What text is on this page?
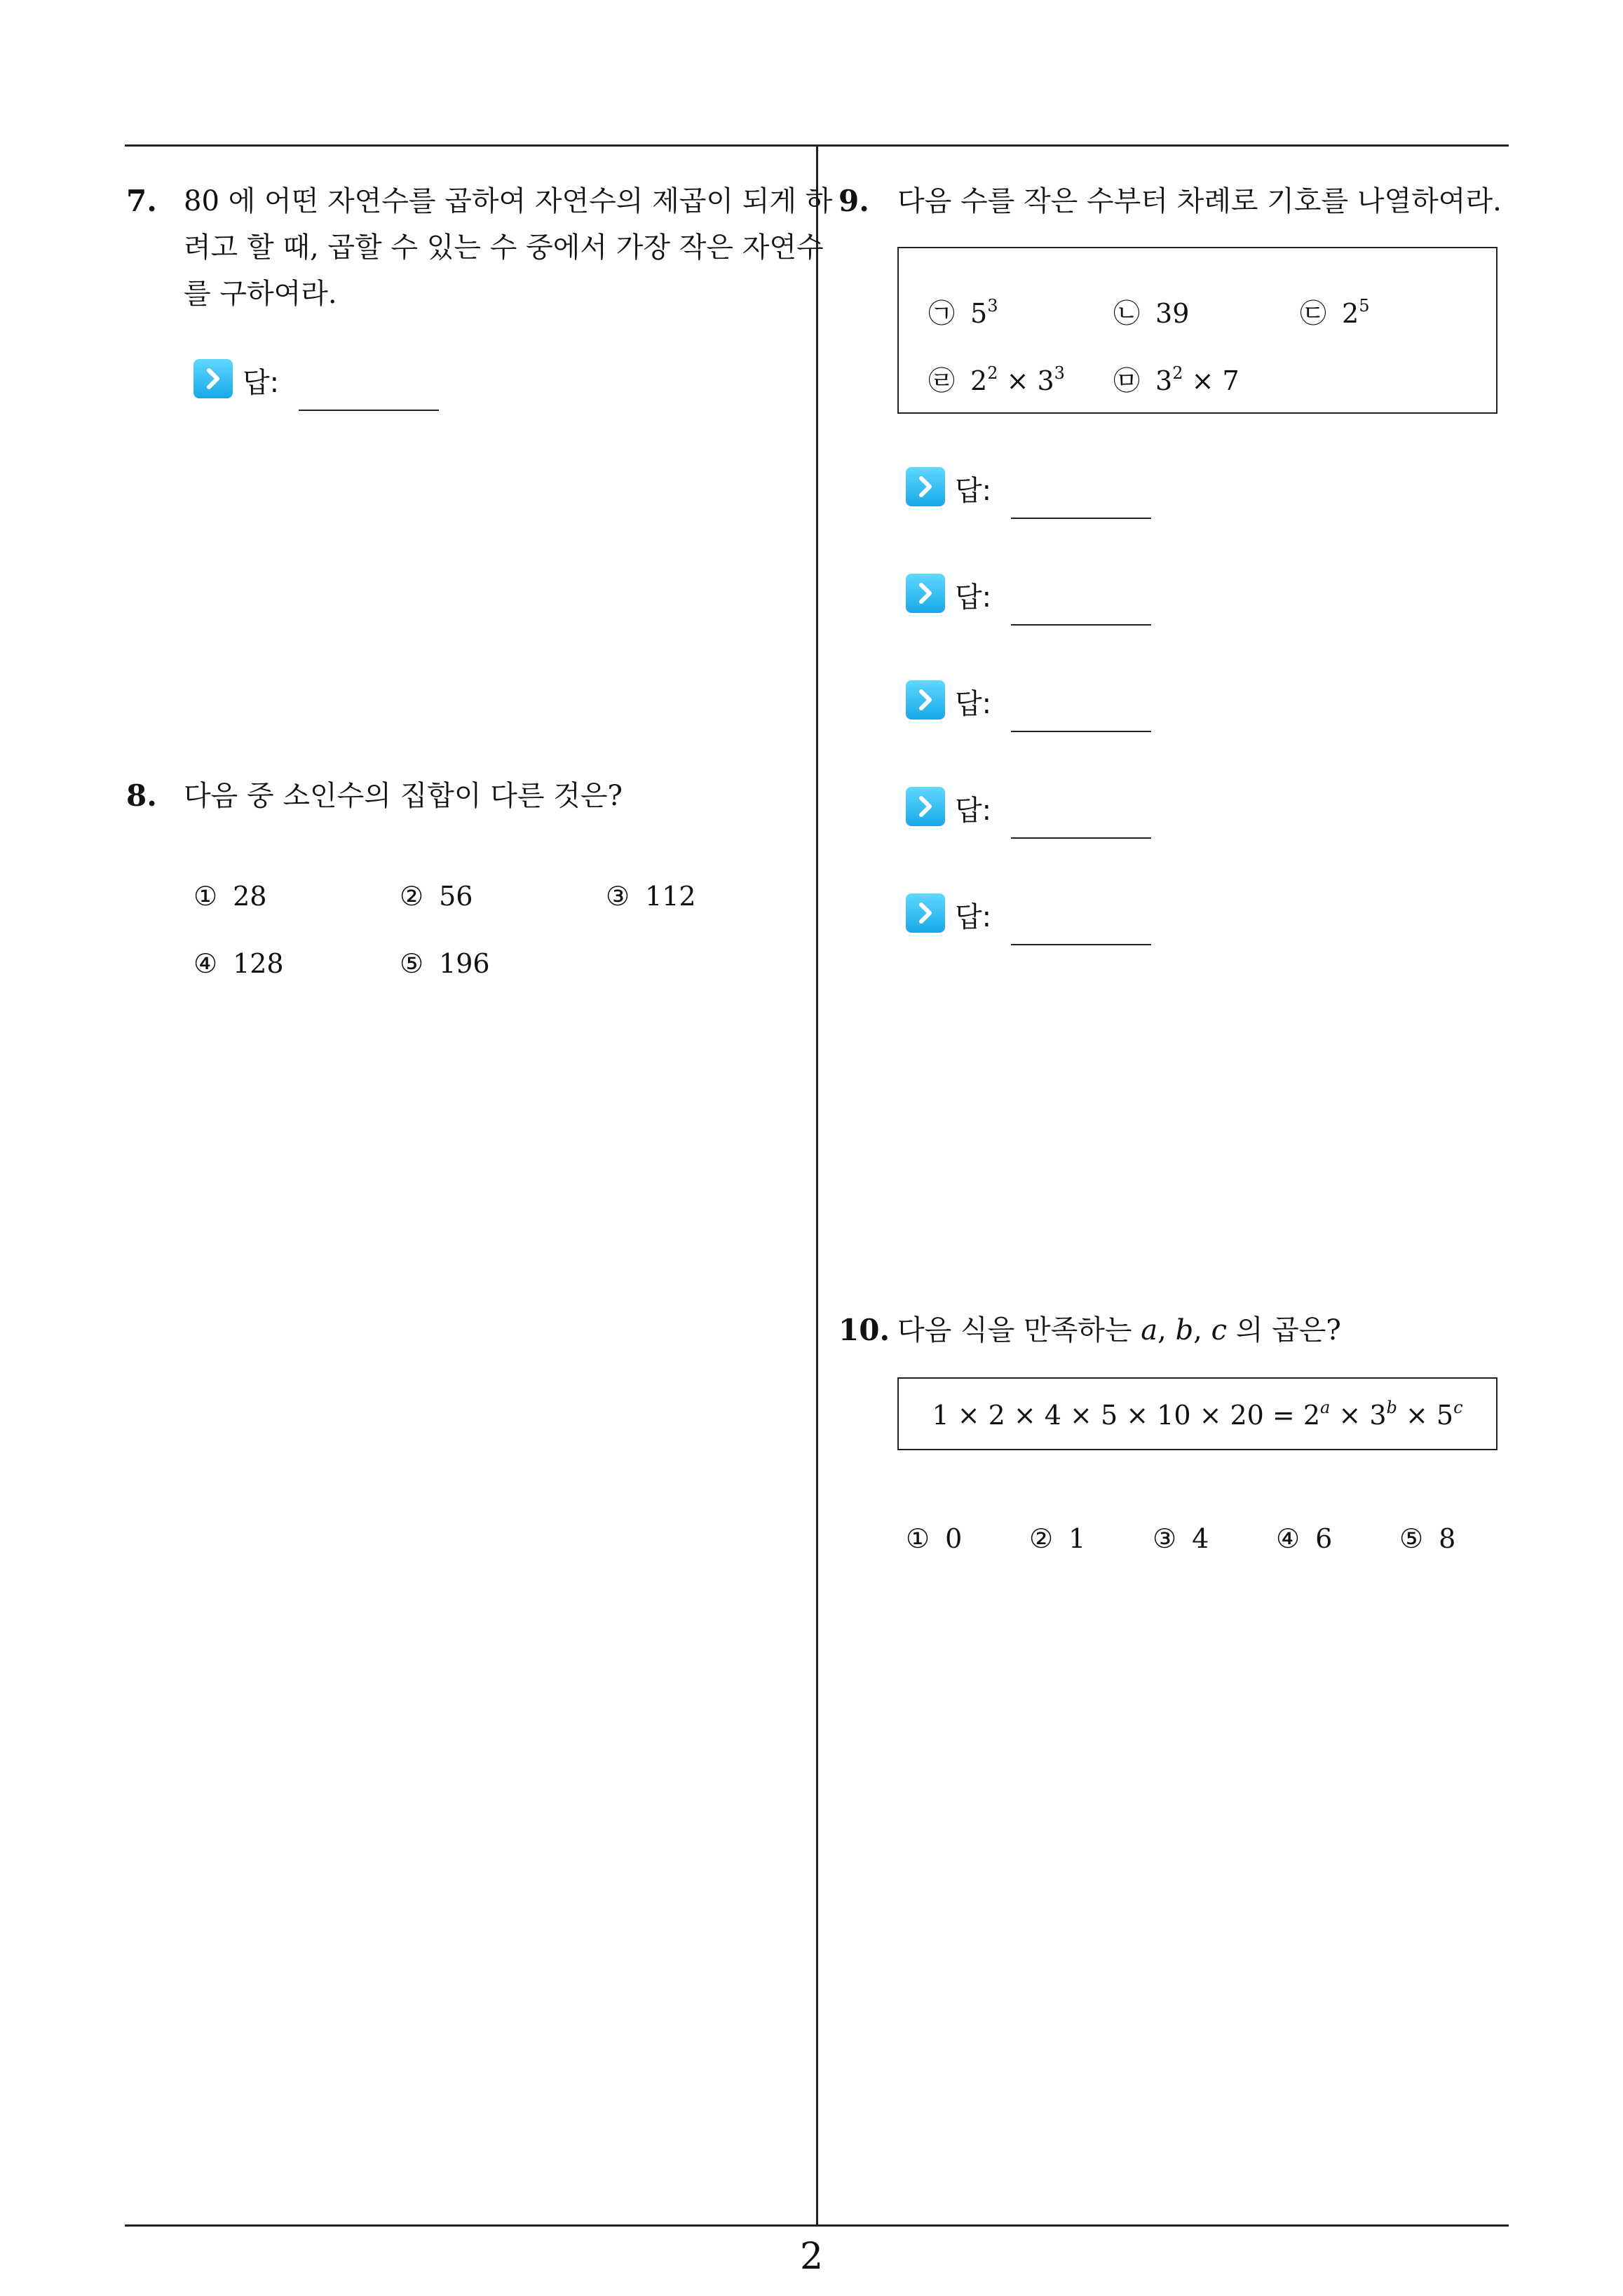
7. 80 에 어떤 자연수를 곱하여 자연수의 제곱이 되게 하
려고 할 때, 곱할 수 있는 수 중에서 가장 작은 자연수
를 구하여라.
답:
8. 다음 중 소인수의 집합이 다른 것은?
① 28	② 56	③ 112
④ 128	⑤ 196
9. 다음 수를 작은 수부터 차례로 기호를 나열하여라.
㉠ $5^3$	㉡ 39	㉢ $2^5$
㉣ $2^2 \times 3^3$ ㉤ $3^2 \times 7$
답:
답:
답:
답:
답:
10. 다음 식을 만족하는 a, b, c 의 곱은?
$1 \times 2 \times 4 \times 5 \times 10 \times 20 = 2^a \times 3^b \times 5^c$
① 0	② 1	③ 4	④ 6	⑤ 8
2
